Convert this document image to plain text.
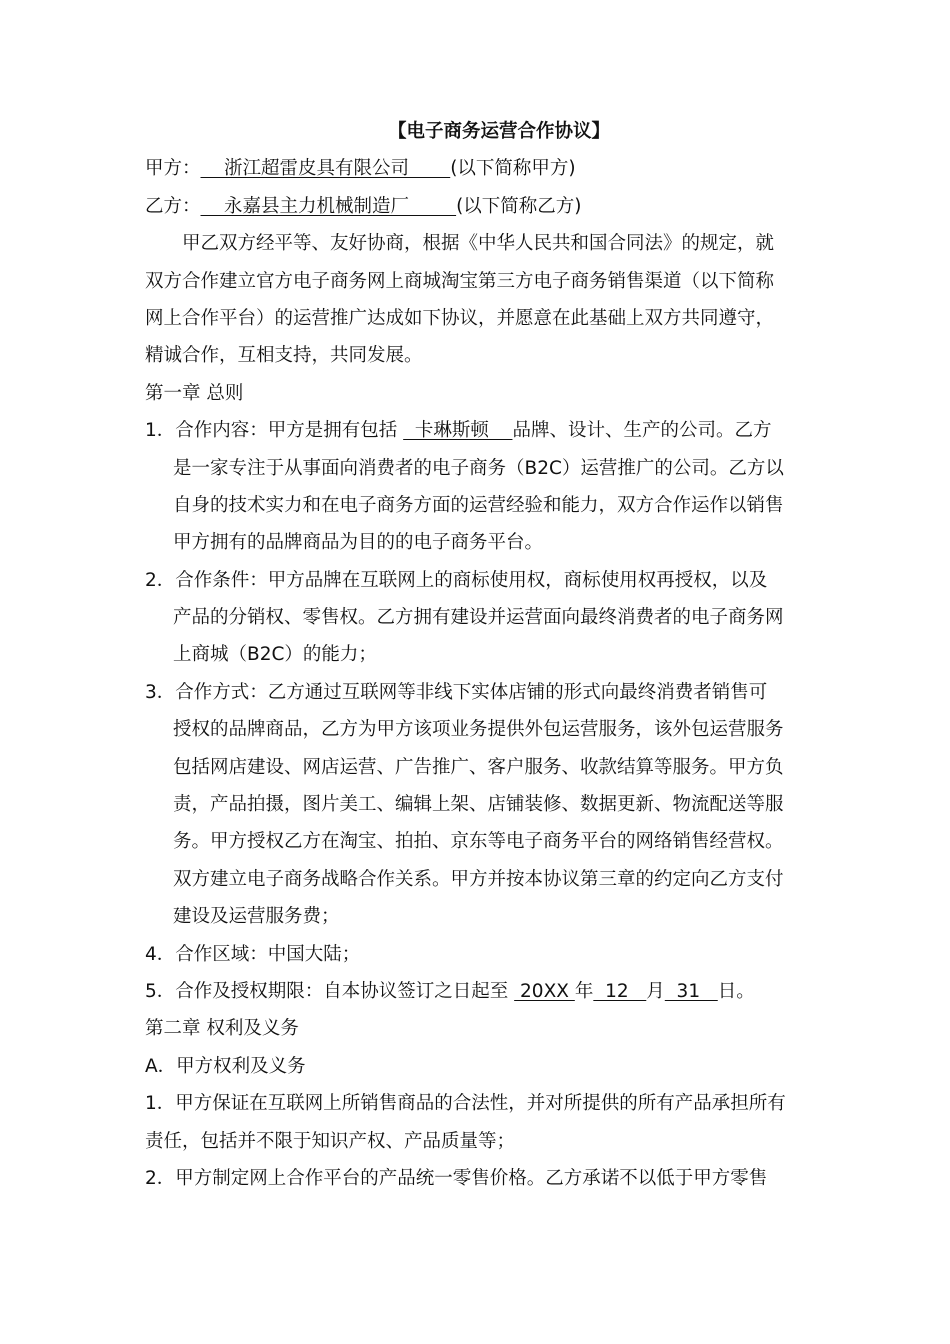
【电子商务运营合作协议】
甲方：    浙江超雷皮具有限公司       (以下简称甲方)
乙方：    永嘉县主力机械制造厂        (以下简称乙方)
甲乙双方经平等、友好协商，根据《中华人民共和国合同法》的规定，就
双方合作建立官方电子商务网上商城淘宝第三方电子商务销售渠道（以下简称
网上合作平台）的运营推广达成如下协议，并愿意在此基础上双方共同遵守，
精诚合作，互相支持，共同发展。
第一章 总则
1．合作内容：甲方是拥有包括   卡琳斯顿    品牌、设计、生产的公司。乙方
是一家专注于从事面向消费者的电子商务（B2C）运营推广的公司。乙方以
自身的技术实力和在电子商务方面的运营经验和能力，双方合作运作以销售
甲方拥有的品牌商品为目的的电子商务平台。
2．合作条件：甲方品牌在互联网上的商标使用权，商标使用权再授权，以及
产品的分销权、零售权。乙方拥有建设并运营面向最终消费者的电子商务网
上商城（B2C）的能力；
3．合作方式：乙方通过互联网等非线下实体店铺的形式向最终消费者销售可
授权的品牌商品，乙方为甲方该项业务提供外包运营服务，该外包运营服务
包括网店建设、网店运营、广告推广、客户服务、收款结算等服务。甲方负
责，产品拍摄，图片美工、编辑上架、店铺装修、数据更新、物流配送等服
务。甲方授权乙方在淘宝、拍拍、京东等电子商务平台的网络销售经营权。
双方建立电子商务战略合作关系。甲方并按本协议第三章的约定向乙方支付
建设及运营服务费；
4．合作区域：中国大陆；
5．合作及授权期限：自本协议签订之日起至  20XX 年  12   月  31   日。
第二章 权利及义务
A．甲方权利及义务
1．甲方保证在互联网上所销售商品的合法性，并对所提供的所有产品承担所有
责任，包括并不限于知识产权、产品质量等；
2．甲方制定网上合作平台的产品统一零售价格。乙方承诺不以低于甲方零售
